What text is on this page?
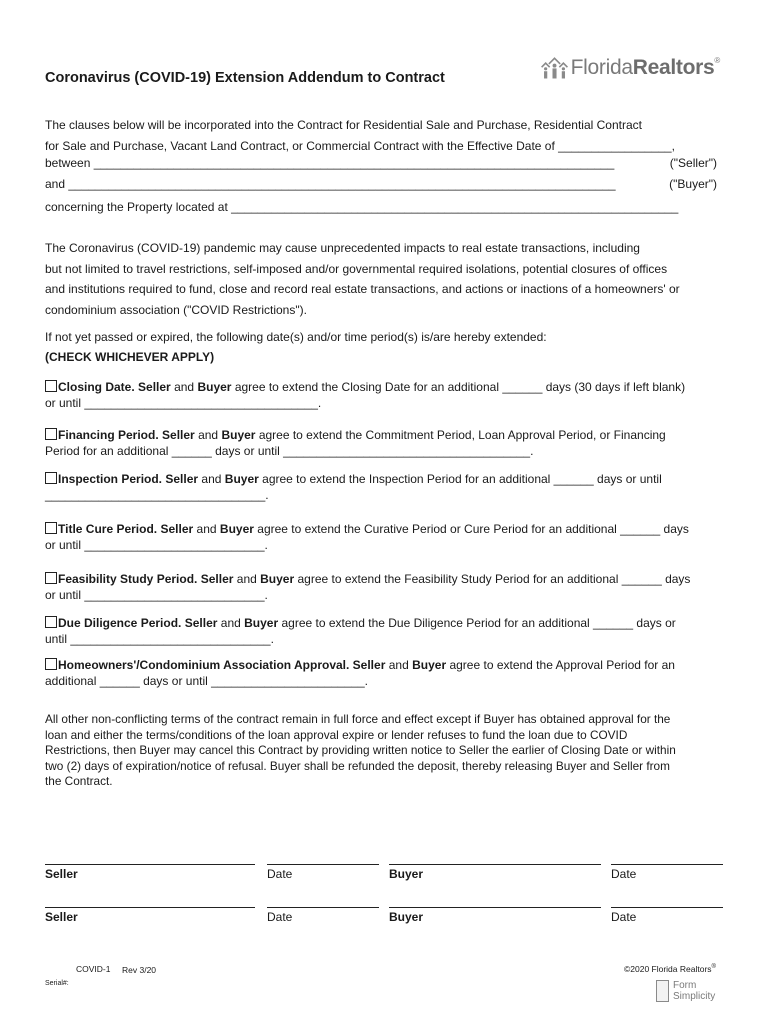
Coronavirus (COVID-19) Extension Addendum to Contract	FloridaRealtors®
The clauses below will be incorporated into the Contract for Residential Sale and Purchase, Residential Contract
for Sale and Purchase, Vacant Land Contract, or Commercial Contract with the Effective Date of _________________,
between ______________________________________________________________________________	("Seller")
and __________________________________________________________________________________	("Buyer")
concerning the Property located at ___________________________________________________________________
The Coronavirus (COVID-19) pandemic may cause unprecedented impacts to real estate transactions, including
but not limited to travel restrictions, self-imposed and/or governmental required isolations, potential closures of offices
and institutions required to fund, close and record real estate transactions, and actions or inactions of a homeowners' or
condominium association ("COVID Restrictions").
If not yet passed or expired, the following date(s) and/or time period(s) is/are hereby extended:
(CHECK WHICHEVER APPLY)
Closing Date. Seller and Buyer agree to extend the Closing Date for an additional ______ days (30 days if left blank)
or until ___________________________________.
Financing Period. Seller and Buyer agree to extend the Commitment Period, Loan Approval Period, or Financing
Period for an additional ______ days or until _____________________________________.
Inspection Period. Seller and Buyer agree to extend the Inspection Period for an additional ______ days or until
_________________________________.
Title Cure Period. Seller and Buyer agree to extend the Curative Period or Cure Period for an additional ______ days
or until ___________________________.
Feasibility Study Period. Seller and Buyer agree to extend the Feasibility Study Period for an additional ______ days
or until ___________________________.
Due Diligence Period. Seller and Buyer agree to extend the Due Diligence Period for an additional ______ days or
until ______________________________.
Homeowners'/Condominium Association Approval. Seller and Buyer agree to extend the Approval Period for an
additional ______ days or until _______________________.
All other non-conflicting terms of the contract remain in full force and effect except if Buyer has obtained approval for the
loan and either the terms/conditions of the loan approval expire or lender refuses to fund the loan due to COVID
Restrictions, then Buyer may cancel this Contract by providing written notice to Seller the earlier of Closing Date or within
two (2) days of expiration/notice of refusal. Buyer shall be refunded the deposit, thereby releasing Buyer and Seller from
the Contract.
Seller	Date	Buyer	Date
Seller	Date	Buyer	Date
COVID-1 Rev 3/20
Serial#:
©2020 Florida Realtors®
Form
Simplicity
